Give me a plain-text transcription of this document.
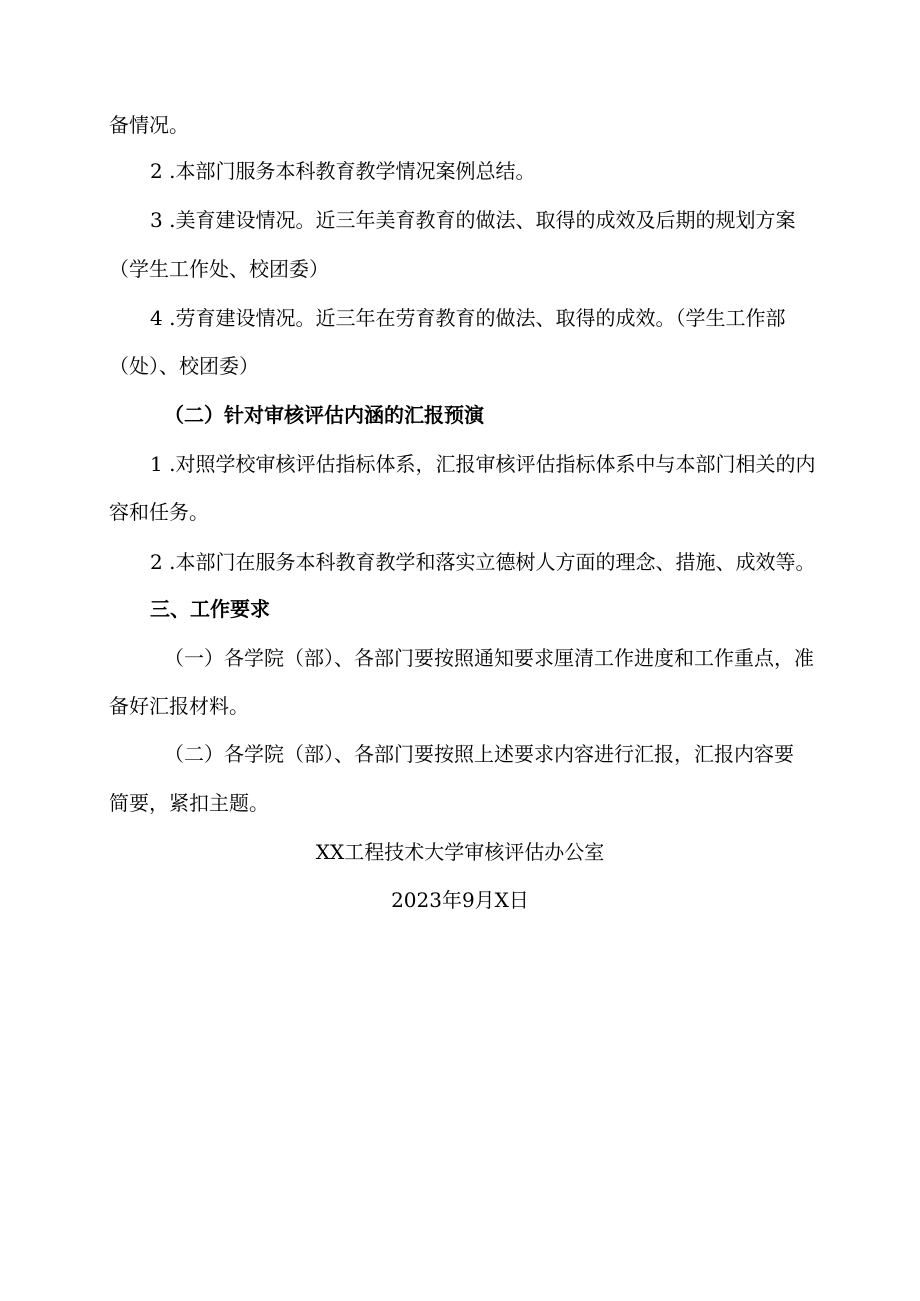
备情况。
2 .本部门服务本科教育教学情况案例总结。
3 .美育建设情况。近三年美育教育的做法、取得的成效及后期的规划方案
（学生工作处、校团委）
4 .劳育建设情况。近三年在劳育教育的做法、取得的成效。（学生工作部
（处）、校团委）
（二）针对审核评估内涵的汇报预演
1 .对照学校审核评估指标体系，汇报审核评估指标体系中与本部门相关的内
容和任务。
2 .本部门在服务本科教育教学和落实立德树人方面的理念、措施、成效等。
三、工作要求
（一）各学院（部）、各部门要按照通知要求厘清工作进度和工作重点，准
备好汇报材料。
（二）各学院（部）、各部门要按照上述要求内容进行汇报，汇报内容要
简要，紧扣主题。
XX工程技术大学审核评估办公室
2023年9月X日
